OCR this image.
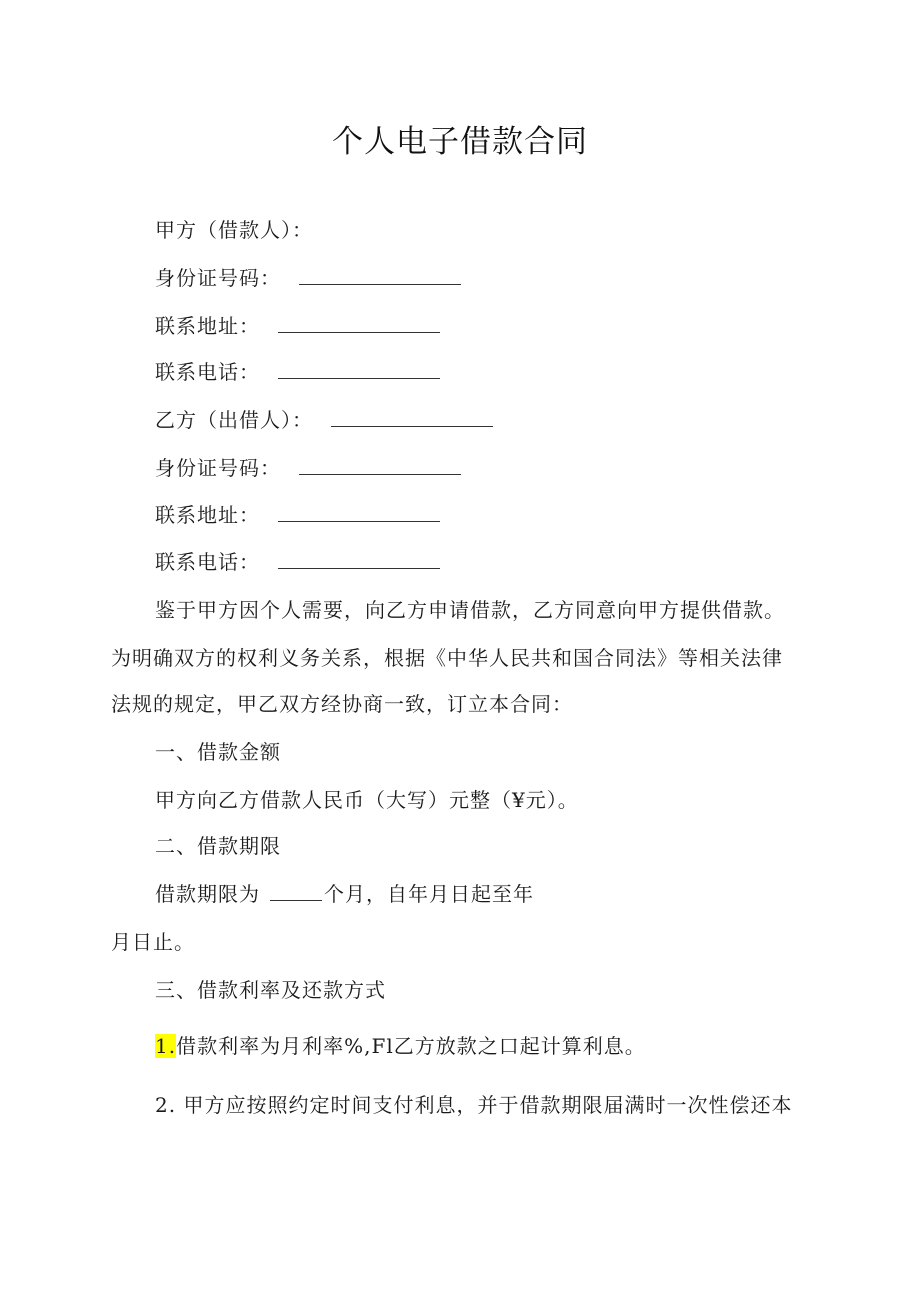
个人电子借款合同
甲方（借款人）：
身份证号码：
联系地址：
联系电话：
乙方（出借人）：
身份证号码：
联系地址：
联系电话：
鉴于甲方因个人需要，向乙方申请借款，乙方同意向甲方提供借款。
为明确双方的权利义务关系，根据《中华人民共和国合同法》等相关法律
法规的规定，甲乙双方经协商一致，订立本合同：
一、借款金额
甲方向乙方借款人民币（大写）元整（¥元）。
二、借款期限
借款期限为	个月，自年月日起至年
月日止。
三、借款利率及还款方式
1.借款利率为月利率%,Fl乙方放款之口起计算利息。
2. 甲方应按照约定时间支付利息，并于借款期限届满时一次性偿还本
